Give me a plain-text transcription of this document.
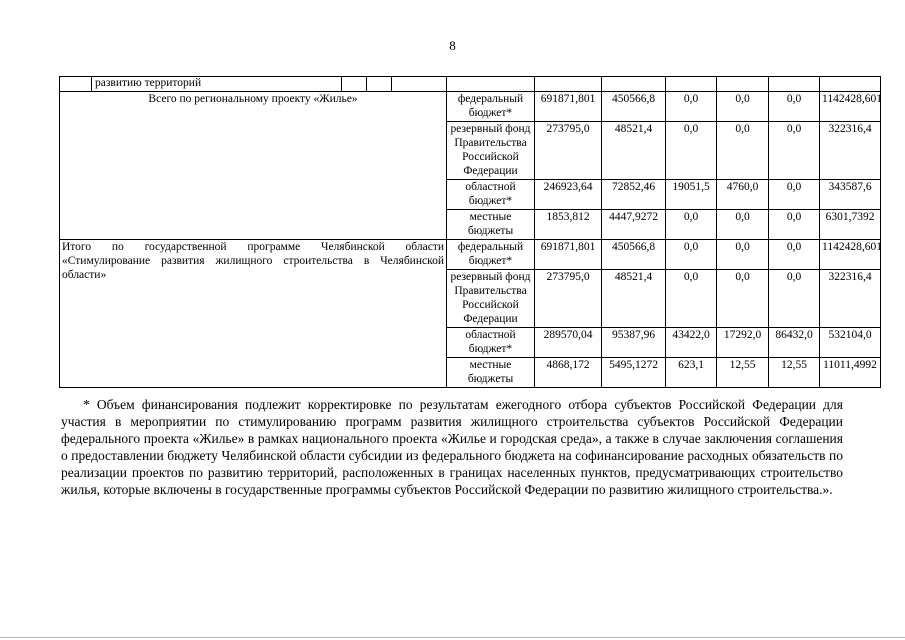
8
	развитию территорий										
Всего по региональному проекту «Жилье»					федеральный бюджет*	691871,801	450566,8	0,0	0,0	0,0	1142428,601
					резервный фонд Правительства Российской Федерации	273795,0	48521,4	0,0	0,0	0,0	322316,4
					областной бюджет*	246923,64	72852,46	19051,5	4760,0	0,0	343587,6
					местные бюджеты	1853,812	4447,9272	0,0	0,0	0,0	6301,7392
Итого по государственной программе Челябинской области «Стимулирование развития жилищного строительства в Челябинской области»					федеральный бюджет*	691871,801	450566,8	0,0	0,0	0,0	1142428,601
					резервный фонд Правительства Российской Федерации	273795,0	48521,4	0,0	0,0	0,0	322316,4
					областной бюджет*	289570,04	95387,96	43422,0	17292,0	86432,0	532104,0
					местные бюджеты	4868,172	5495,1272	623,1	12,55	12,55	11011,4992

* Объем финансирования подлежит корректировке по результатам ежегодного отбора субъектов Российской Федерации для участия в мероприятии по стимулированию программ развития жилищного строительства субъектов Российской Федерации федерального проекта «Жилье» в рамках национального проекта «Жилье и городская среда», а также в случае заключения соглашения о предоставлении бюджету Челябинской области субсидии из федерального бюджета на софинансирование расходных обязательств по реализации проектов по развитию территорий, расположенных в границах населенных пунктов, предусматривающих строительство жилья, которые включены в государственные программы субъектов Российской Федерации по развитию жилищного строительства.».
